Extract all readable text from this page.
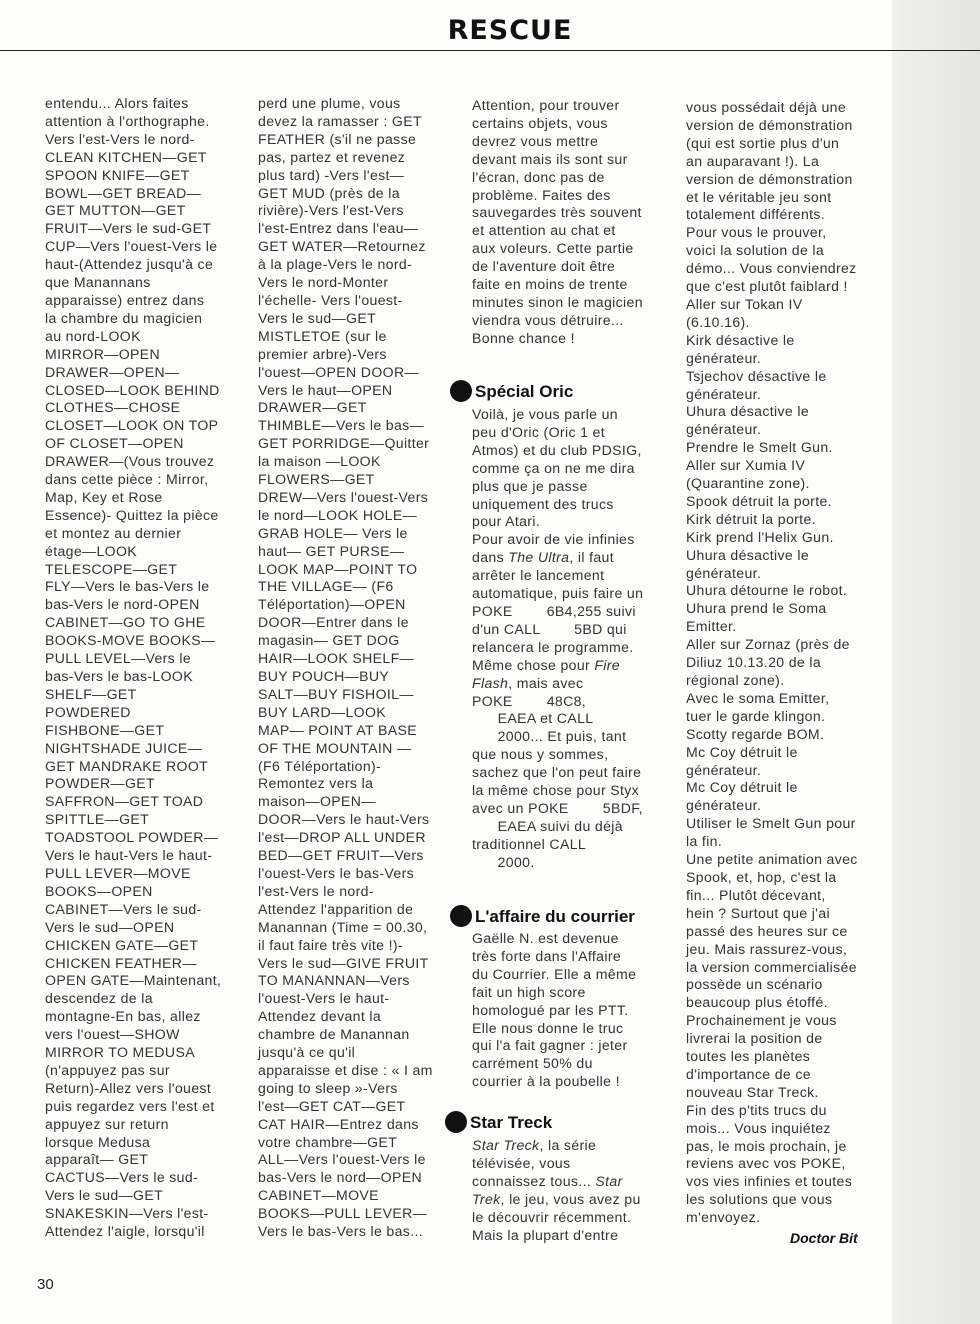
RESCUE
entendu... Alors faites
attention à l'orthographe.
Vers l'est-Vers le nord-
CLEAN KITCHEN—GET
SPOON KNIFE—GET
BOWL—GET BREAD—
GET MUTTON—GET
FRUIT—Vers le sud-GET
CUP—Vers l'ouest-Vers le
haut-(Attendez jusqu'à ce
que Manannans
apparaisse) entrez dans
la chambre du magicien
au nord-LOOK
MIRROR—OPEN
DRAWER—OPEN—
CLOSED—LOOK BEHIND
CLOTHES—CHOSE
CLOSET—LOOK ON TOP
OF CLOSET—OPEN
DRAWER—(Vous trouvez
dans cette pièce : Mirror,
Map, Key et Rose
Essence)- Quittez la pièce
et montez au dernier
étage—LOOK
TELESCOPE—GET
FLY—Vers le bas-Vers le
bas-Vers le nord-OPEN
CABINET—GO TO GHE
BOOKS-MOVE BOOKS—
PULL LEVEL—Vers le
bas-Vers le bas-LOOK
SHELF—GET
POWDERED
FISHBONE—GET
NIGHTSHADE JUICE—
GET MANDRAKE ROOT
POWDER—GET
SAFFRON—GET TOAD
SPITTLE—GET
TOADSTOOL POWDER—
Vers le haut-Vers le haut-
PULL LEVER—MOVE
BOOKS—OPEN
CABINET—Vers le sud-
Vers le sud—OPEN
CHICKEN GATE—GET
CHICKEN FEATHER—
OPEN GATE—Maintenant,
descendez de la
montagne-En bas, allez
vers l'ouest—SHOW
MIRROR TO MEDUSA
(n'appuyez pas sur
Return)-Allez vers l'ouest
puis regardez vers l'est et
appuyez sur return
lorsque Medusa
apparaît— GET
CACTUS—Vers le sud-
Vers le sud—GET
SNAKESKIN—Vers l'est-
Attendez l'aigle, lorsqu'il
perd une plume, vous
devez la ramasser : GET
FEATHER (s'il ne passe
pas, partez et revenez
plus tard) -Vers l'est—
GET MUD (près de la
rivière)-Vers l'est-Vers
l'est-Entrez dans l'eau—
GET WATER—Retournez
à la plage-Vers le nord-
Vers le nord-Monter
l'échelle- Vers l'ouest-
Vers le sud—GET
MISTLETOE (sur le
premier arbre)-Vers
l'ouest—OPEN DOOR—
Vers le haut—OPEN
DRAWER—GET
THIMBLE—Vers le bas—
GET PORRIDGE—Quitter
la maison —LOOK
FLOWERS—GET
DREW—Vers l'ouest-Vers
le nord—LOOK HOLE—
GRAB HOLE— Vers le
haut— GET PURSE—
LOOK MAP—POINT TO
THE VILLAGE— (F6
Téléportation)—OPEN
DOOR—Entrer dans le
magasin— GET DOG
HAIR—LOOK SHELF—
BUY POUCH—BUY
SALT—BUY FISHOIL—
BUY LARD—LOOK
MAP— POINT AT BASE
OF THE MOUNTAIN —
(F6 Téléportation)-
Remontez vers la
maison—OPEN—
DOOR—Vers le haut-Vers
l'est—DROP ALL UNDER
BED—GET FRUIT—Vers
l'ouest-Vers le bas-Vers
l'est-Vers le nord-
Attendez l'apparition de
Manannan (Time = 00.30,
il faut faire très vite !)-
Vers le sud—GIVE FRUIT
TO MANANNAN—Vers
l'ouest-Vers le haut-
Attendez devant la
chambre de Manannan
jusqu'à ce qu'il
apparaisse et dise : « I am
going to sleep »-Vers
l'est—GET CAT—GET
CAT HAIR—Entrez dans
votre chambre—GET
ALL—Vers l'ouest-Vers le
bas-Vers le nord—OPEN
CABINET—MOVE
BOOKS—PULL LEVER—
Vers le bas-Vers le bas...
Attention, pour trouver
certains objets, vous
devrez vous mettre
devant mais ils sont sur
l'écran, donc pas de
problème. Faites des
sauvegardes très souvent
et attention au chat et
aux voleurs. Cette partie
de l'aventure doit être
faite en moins de trente
minutes sinon le magicien
viendra vous détruire...
Bonne chance !
Spécial Oric
Voilà, je vous parle un
peu d'Oric (Oric 1 et
Atmos) et du club PDSIG,
comme ça on ne me dira
plus que je passe
uniquement des trucs
pour Atari.
Pour avoir de vie infinies
dans The Ultra, il faut
arrêter le lancement
automatique, puis faire un
POKE        6B4,255 suivi
d'un CALL        5BD qui
relancera le programme.
Même chose pour Fire
Flash, mais avec
POKE        48C8,
EAEA et CALL
2000... Et puis, tant
que nous y sommes,
sachez que l'on peut faire
la même chose pour Styx
avec un POKE        5BDF,
EAEA suivi du déjà
traditionnel CALL
2000.
L'affaire du courrier
Gaëlle N. est devenue
très forte dans l'Affaire
du Courrier. Elle a même
fait un high score
homologué par les PTT.
Elle nous donne le truc
qui l'a fait gagner : jeter
carrément 50% du
courrier à la poubelle !
Star Treck
Star Treck, la série
télévisée, vous
connaissez tous... Star
Trek, le jeu, vous avez pu
le découvrir récemment.
Mais la plupart d'entre
vous possédait déjà une
version de démonstration
(qui est sortie plus d'un
an auparavant !). La
version de démonstration
et le véritable jeu sont
totalement différents.
Pour vous le prouver,
voici la solution de la
démo... Vous conviendrez
que c'est plutôt faiblard !
Aller sur Tokan IV
(6.10.16).
Kirk désactive le
générateur.
Tsjechov désactive le
générateur.
Uhura désactive le
générateur.
Prendre le Smelt Gun.
Aller sur Xumia IV
(Quarantine zone).
Spook détruit la porte.
Kirk détruit la porte.
Kirk prend l'Helix Gun.
Uhura désactive le
générateur.
Uhura détourne le robot.
Uhura prend le Soma
Emitter.
Aller sur Zornaz (près de
Diliuz 10.13.20 de la
régional zone).
Avec le soma Emitter,
tuer le garde klingon.
Scotty regarde BOM.
Mc Coy détruit le
générateur.
Mc Coy détruit le
générateur.
Utiliser le Smelt Gun pour
la fin.
Une petite animation avec
Spook, et, hop, c'est la
fin... Plutôt décevant,
hein ? Surtout que j'ai
passé des heures sur ce
jeu. Mais rassurez-vous,
la version commercialisée
possède un scénario
beaucoup plus étoffé.
Prochainement je vous
livrerai la position de
toutes les planètes
d'importance de ce
nouveau Star Treck.
Fin des p'tits trucs du
mois... Vous inquiétez
pas, le mois prochain, je
reviens avec vos POKE,
vos vies infinies et toutes
les solutions que vous
m'envoyez.
Doctor Bit
30
